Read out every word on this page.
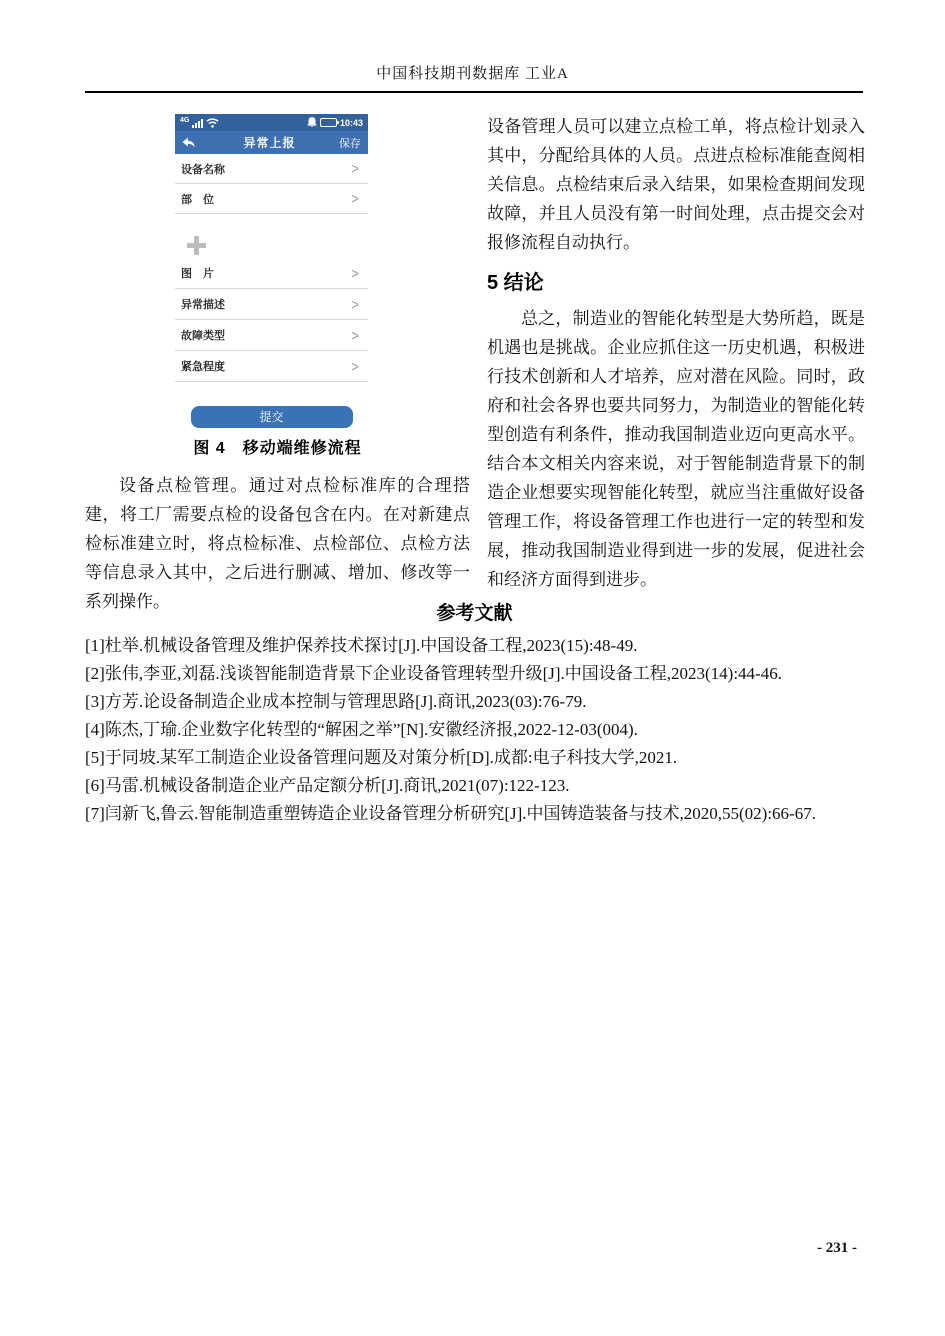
中国科技期刊数据库 工业A
4G	10:43
异常上报	保存
设备名称	>
部　位	>
图　片	>
异常描述	>
故障类型	>
紧急程度	>
提交
图 4　移动端维修流程

设备点检管理。通过对点检标准库的合理搭建，将工厂需要点检的设备包含在内。在对新建点检标准建立时，将点检标准、点检部位、点检方法等信息录入其中，之后进行删减、增加、修改等一系列操作。

设备管理人员可以建立点检工单，将点检计划录入其中，分配给具体的人员。点进点检标准能查阅相关信息。点检结束后录入结果，如果检查期间发现故障，并且人员没有第一时间处理，点击提交会对报修流程自动执行。

5 结论

总之，制造业的智能化转型是大势所趋，既是机遇也是挑战。企业应抓住这一历史机遇，积极进行技术创新和人才培养，应对潜在风险。同时，政府和社会各界也要共同努力，为制造业的智能化转型创造有利条件，推动我国制造业迈向更高水平。结合本文相关内容来说，对于智能制造背景下的制造企业想要实现智能化转型，就应当注重做好设备管理工作，将设备管理工作也进行一定的转型和发展，推动我国制造业得到进一步的发展，促进社会和经济方面得到进步。

参考文献
[1]杜举.机械设备管理及维护保养技术探讨[J].中国设备工程,2023(15):48-49.
[2]张伟,李亚,刘磊.浅谈智能制造背景下企业设备管理转型升级[J].中国设备工程,2023(14):44-46.
[3]方芳.论设备制造企业成本控制与管理思路[J].商讯,2023(03):76-79.
[4]陈杰,丁瑜.企业数字化转型的“解困之举”[N].安徽经济报,2022-12-03(004).
[5]于同坡.某军工制造企业设备管理问题及对策分析[D].成都:电子科技大学,2021.
[6]马雷.机械设备制造企业产品定额分析[J].商讯,2021(07):122-123.
[7]闫新飞,鲁云.智能制造重塑铸造企业设备管理分析研究[J].中国铸造装备与技术,2020,55(02):66-67.
- 231 -
